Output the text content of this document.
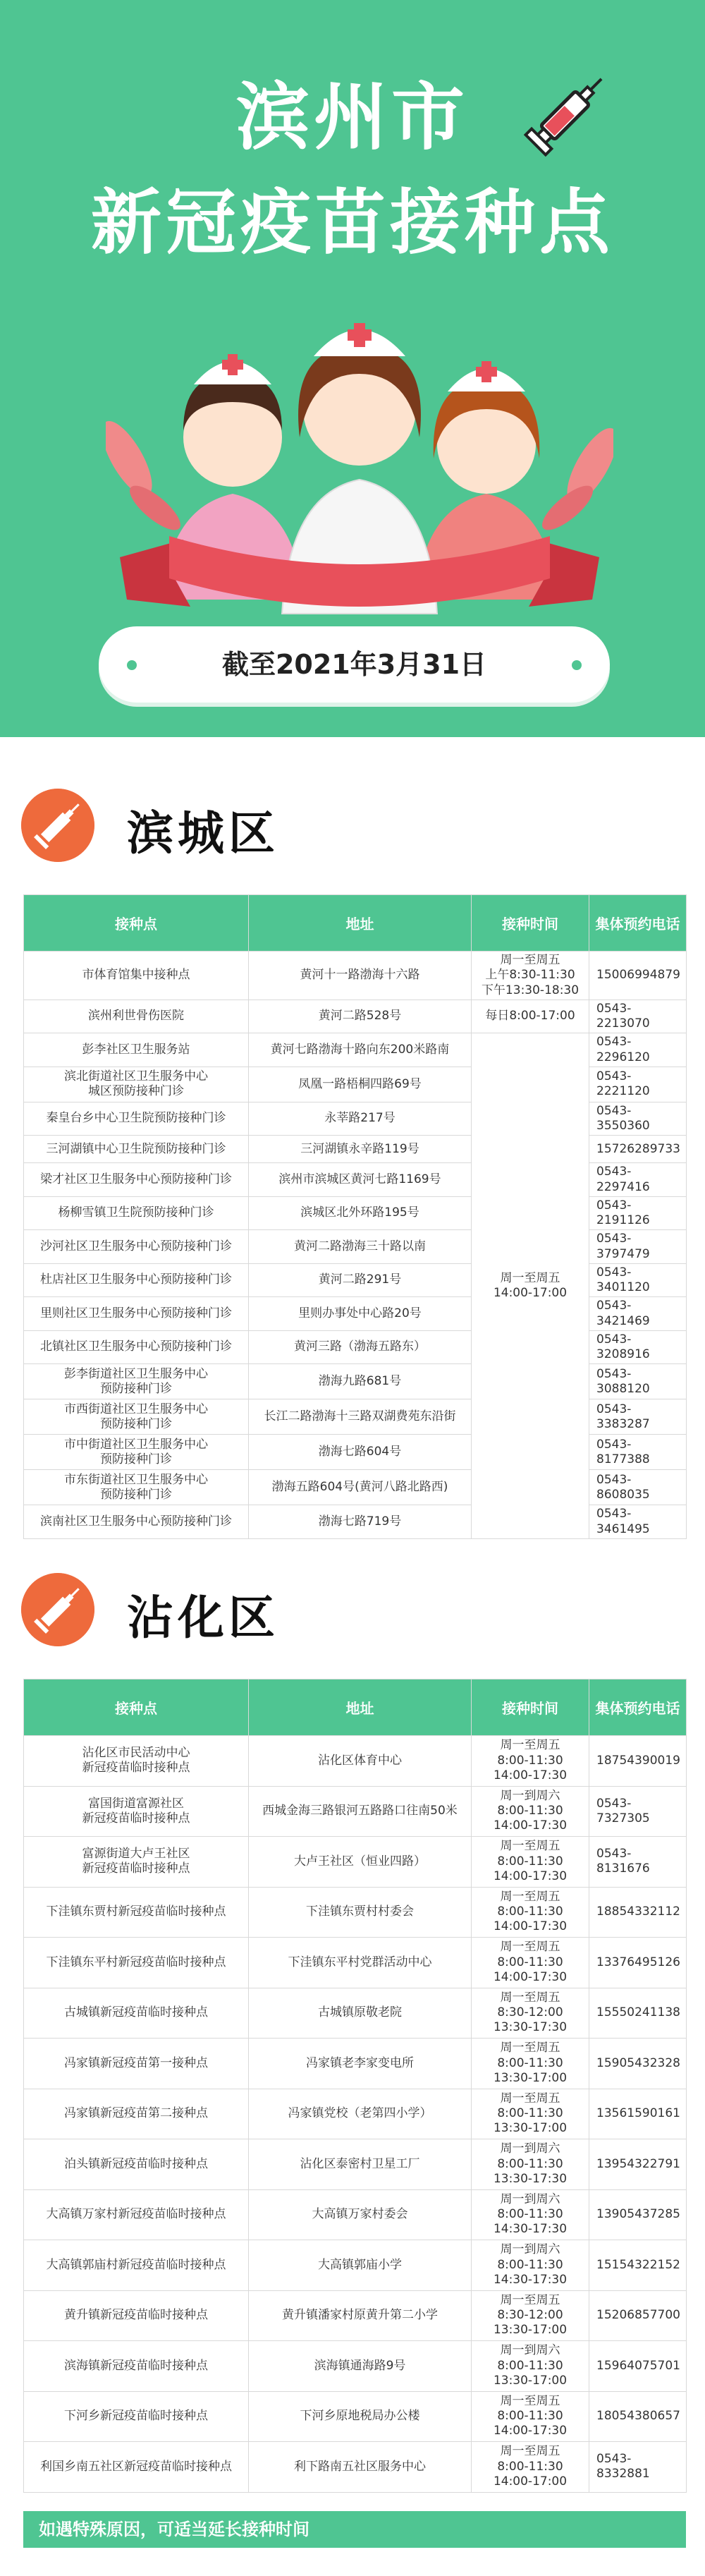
滨州市
新冠疫苗接种点
截至2021年3月31日
滨城区
接种点	地址	接种时间	集体预约电话
市体育馆集中接种点	黄河十一路渤海十六路	周一至周五
上午8:30-11:30
下午13:30-18:30	15006994879
滨州利世骨伤医院	黄河二路528号	每日8:00-17:00	0543-2213070
彭李社区卫生服务站	黄河七路渤海十路向东200米路南	周一至周五
14:00-17:00	0543-2296120
滨北街道社区卫生服务中心
城区预防接种门诊	凤凰一路梧桐四路69号		0543-2221120
秦皇台乡中心卫生院预防接种门诊	永莘路217号		0543-3550360
三河湖镇中心卫生院预防接种门诊	三河湖镇永辛路119号		15726289733
梁才社区卫生服务中心预防接种门诊	滨州市滨城区黄河七路1169号		0543-2297416
杨柳雪镇卫生院预防接种门诊	滨城区北外环路195号		0543-2191126
沙河社区卫生服务中心预防接种门诊	黄河二路渤海三十路以南		0543-3797479
杜店社区卫生服务中心预防接种门诊	黄河二路291号		0543-3401120
里则社区卫生服务中心预防接种门诊	里则办事处中心路20号		0543-3421469
北镇社区卫生服务中心预防接种门诊	黄河三路（渤海五路东）		0543-3208916
彭李街道社区卫生服务中心
预防接种门诊	渤海九路681号		0543-3088120
市西街道社区卫生服务中心
预防接种门诊	长江二路渤海十三路双湖费苑东沿街		0543-3383287
市中街道社区卫生服务中心
预防接种门诊	渤海七路604号		0543-8177388
市东街道社区卫生服务中心
预防接种门诊	渤海五路604号(黄河八路北路西)		0543-8608035
滨南社区卫生服务中心预防接种门诊	渤海七路719号		0543-3461495
沾化区
接种点	地址	接种时间	集体预约电话
沾化区市民活动中心
新冠疫苗临时接种点	沾化区体育中心	周一至周五
8:00-11:30
14:00-17:30	18754390019
富国街道富源社区
新冠疫苗临时接种点	西城金海三路银河五路路口往南50米	周一到周六
8:00-11:30
14:00-17:30	0543-7327305
富源街道大卢王社区
新冠疫苗临时接种点	大卢王社区（恒业四路）	周一至周五
8:00-11:30
14:00-17:30	0543-8131676
下洼镇东贾村新冠疫苗临时接种点	下洼镇东贾村村委会	周一至周五
8:00-11:30
14:00-17:30	18854332112
下洼镇东平村新冠疫苗临时接种点	下洼镇东平村党群活动中心	周一至周五
8:00-11:30
14:00-17:30	13376495126
古城镇新冠疫苗临时接种点	古城镇原敬老院	周一至周五
8:30-12:00
13:30-17:30	15550241138
冯家镇新冠疫苗第一接种点	冯家镇老李家变电所	周一至周五
8:00-11:30
13:30-17:00	15905432328
冯家镇新冠疫苗第二接种点	冯家镇党校（老第四小学）	周一至周五
8:00-11:30
13:30-17:00	13561590161
泊头镇新冠疫苗临时接种点	沾化区泰密村卫星工厂	周一到周六
8:00-11:30
13:30-17:30	13954322791
大高镇万家村新冠疫苗临时接种点	大高镇万家村委会	周一到周六
8:00-11:30
14:30-17:30	13905437285
大高镇郭庙村新冠疫苗临时接种点	大高镇郭庙小学	周一到周六
8:00-11:30
14:30-17:30	15154322152
黄升镇新冠疫苗临时接种点	黄升镇潘家村原黄升第二小学	周一至周五
8:30-12:00
13:30-17:00	15206857700
滨海镇新冠疫苗临时接种点	滨海镇通海路9号	周一到周六
8:00-11:30
13:30-17:00	15964075701
下河乡新冠疫苗临时接种点	下河乡原地税局办公楼	周一至周五
8:00-11:30
14:00-17:30	18054380657
利国乡南五社区新冠疫苗临时接种点	利下路南五社区服务中心	周一至周五
8:00-11:30
14:00-17:00	0543-8332881
如遇特殊原因，可适当延长接种时间
